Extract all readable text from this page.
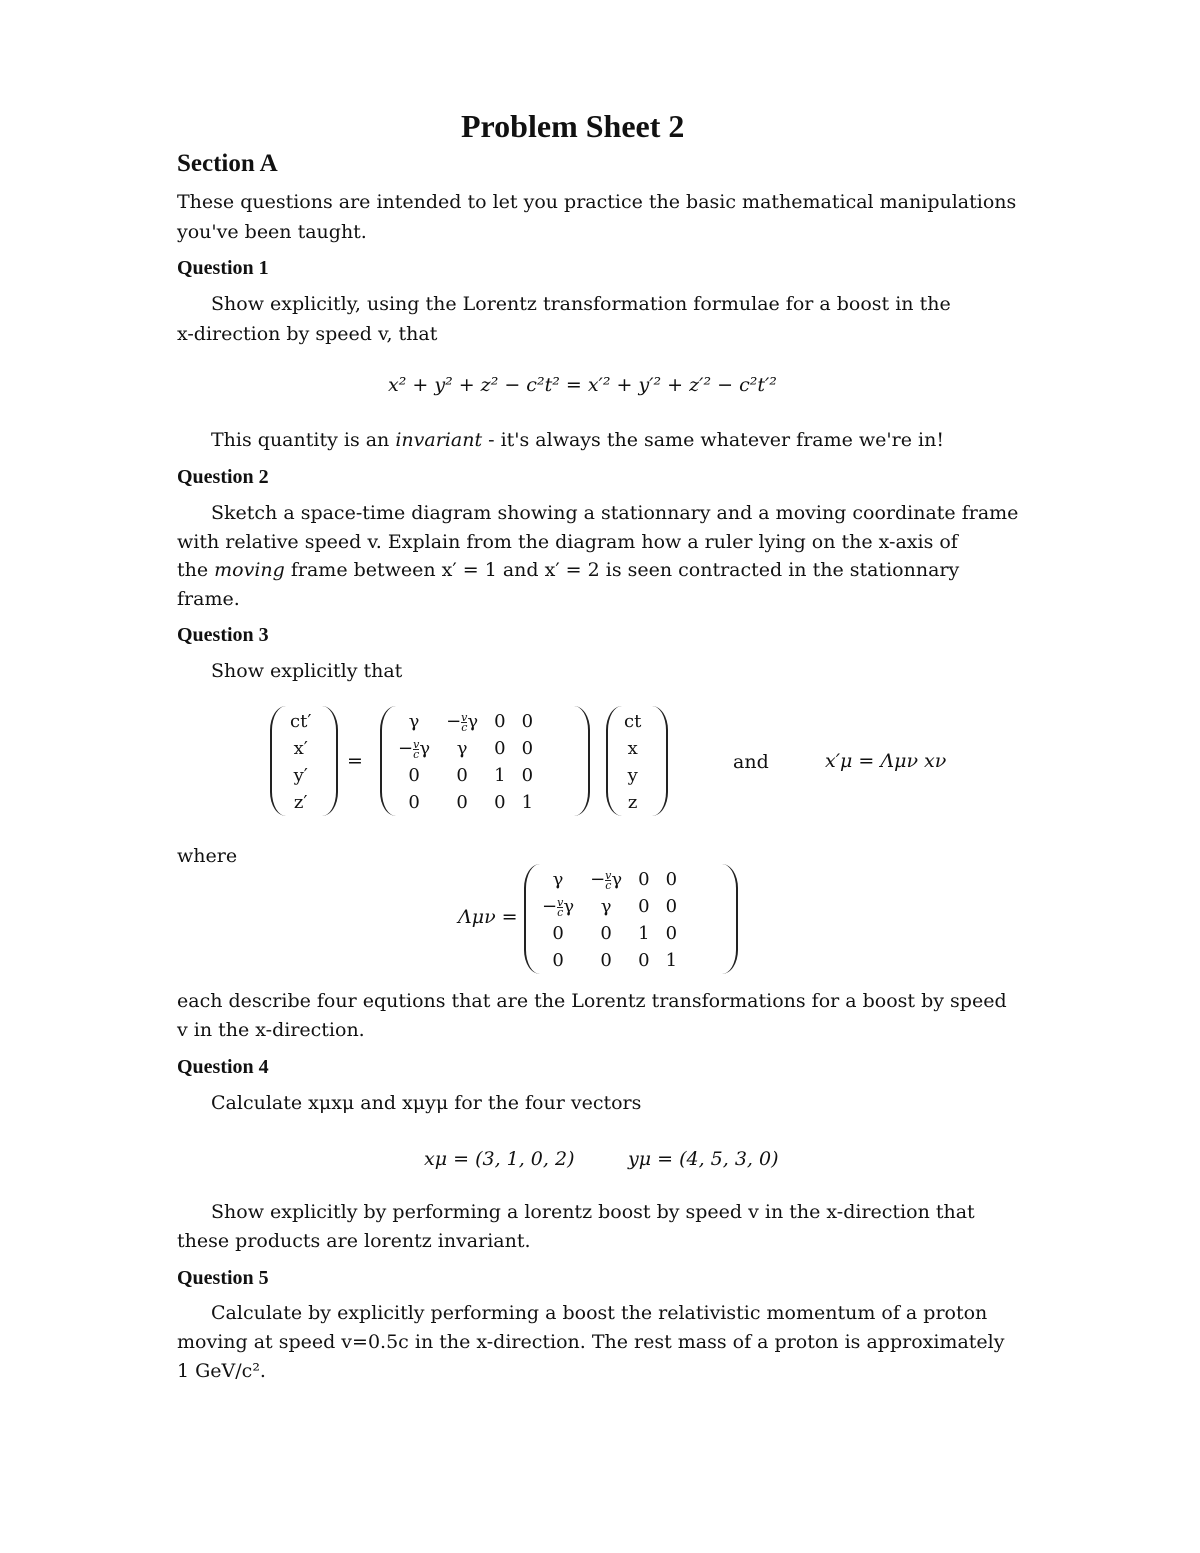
Problem Sheet 2
Section A
These questions are intended to let you practice the basic mathematical manipulations
you've been taught.
Question 1
Show explicitly, using the Lorentz transformation formulae for a boost in the
x-direction by speed v, that
x² + y² + z² − c²t² = x′² + y′² + z′² − c²t′²
This quantity is an invariant - it's always the same whatever frame we're in!
Question 2
Sketch a space-time diagram showing a stationnary and a moving coordinate frame
with relative speed v. Explain from the diagram how a ruler lying on the x-axis of
the moving frame between x′ = 1 and x′ = 2 is seen contracted in the stationnary
frame.
Question 3
Show explicitly that
ct′
x′
y′
z′
=
γ	− $\frac{v}{c}$ γ	0	0
− $\frac{v}{c}$ γ	γ	0	0
0	0	1	0
0	0	0	1
ct
x
y
z
and	x′μ = Λμν xν
where
Λμν =
γ	− $\frac{v}{c}$ γ	0	0
− $\frac{v}{c}$ γ	γ	0	0
0	0	1	0
0	0	0	1
each describe four equtions that are the Lorentz transformations for a boost by speed
v in the x-direction.
Question 4
Calculate xμxμ and xμyμ for the four vectors
xμ = (3, 1, 0, 2)	yμ = (4, 5, 3, 0)
Show explicitly by performing a lorentz boost by speed v in the x-direction that
these products are lorentz invariant.
Question 5
Calculate by explicitly performing a boost the relativistic momentum of a proton
moving at speed v=0.5c in the x-direction. The rest mass of a proton is approximately
1 GeV/c².
